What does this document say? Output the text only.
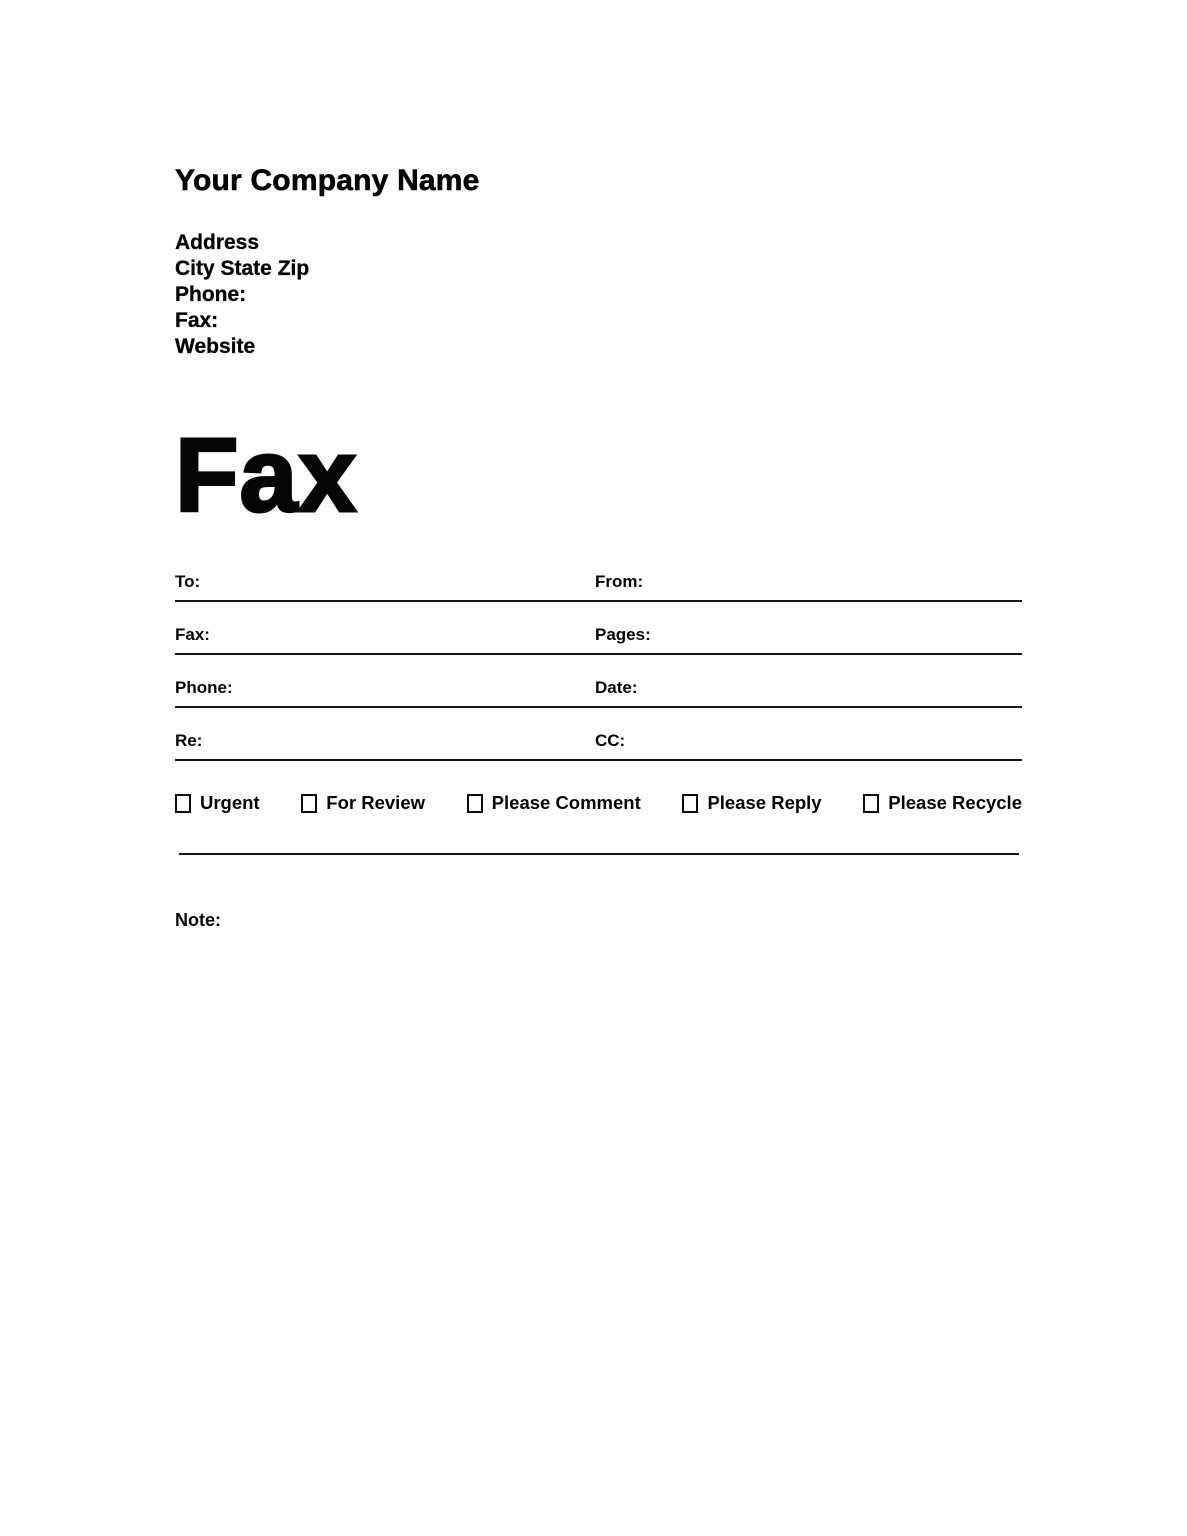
Your Company Name
Address
City State Zip
Phone:
Fax:
Website
Fax
To:	From:
Fax:	Pages:
Phone:	Date:
Re:	CC:
Urgent	For Review	Please Comment	Please Reply	Please Recycle
Note:
